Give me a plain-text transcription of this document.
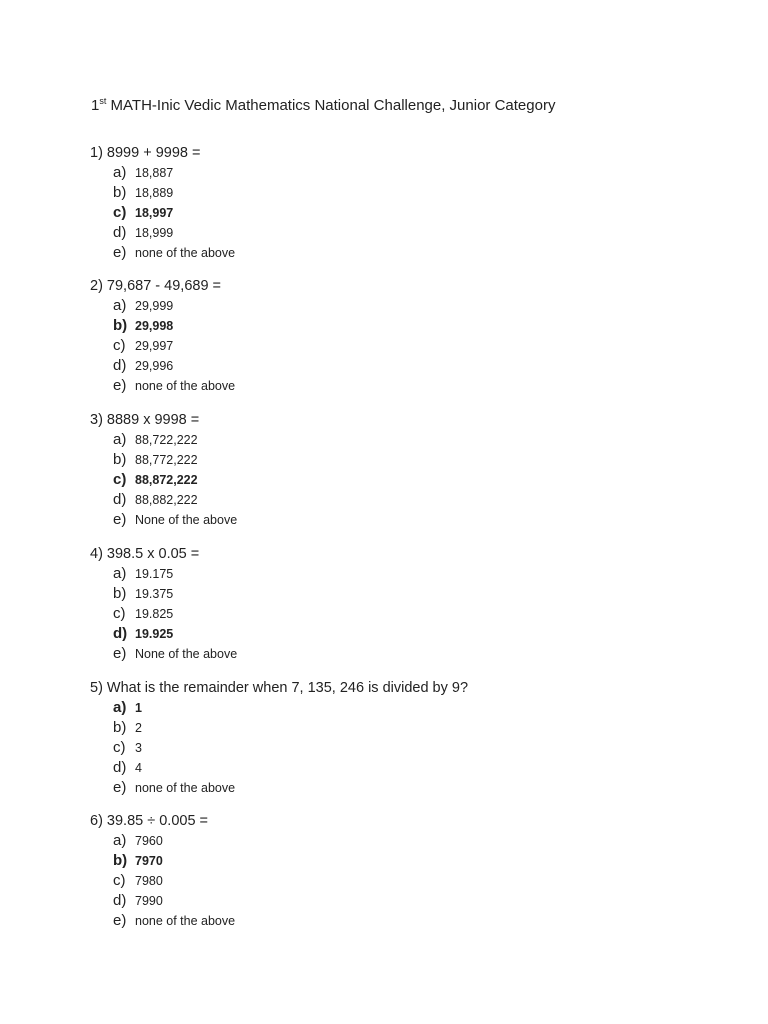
1st MATH-Inic Vedic Mathematics National Challenge, Junior Category
1) 8999 + 9998 =
a) 18,887
b) 18,889
c) 18,997
d) 18,999
e) none of the above
2) 79,687 - 49,689 =
a) 29,999
b) 29,998
c) 29,997
d) 29,996
e) none of the above
3) 8889 x 9998 =
a) 88,722,222
b) 88,772,222
c) 88,872,222
d) 88,882,222
e) None of the above
4) 398.5 x 0.05 =
a) 19.175
b) 19.375
c) 19.825
d) 19.925
e) None of the above
5) What is the remainder when 7, 135, 246 is divided by 9?
a) 1
b) 2
c) 3
d) 4
e) none of the above
6) 39.85 ÷ 0.005 =
a) 7960
b) 7970
c) 7980
d) 7990
e) none of the above
